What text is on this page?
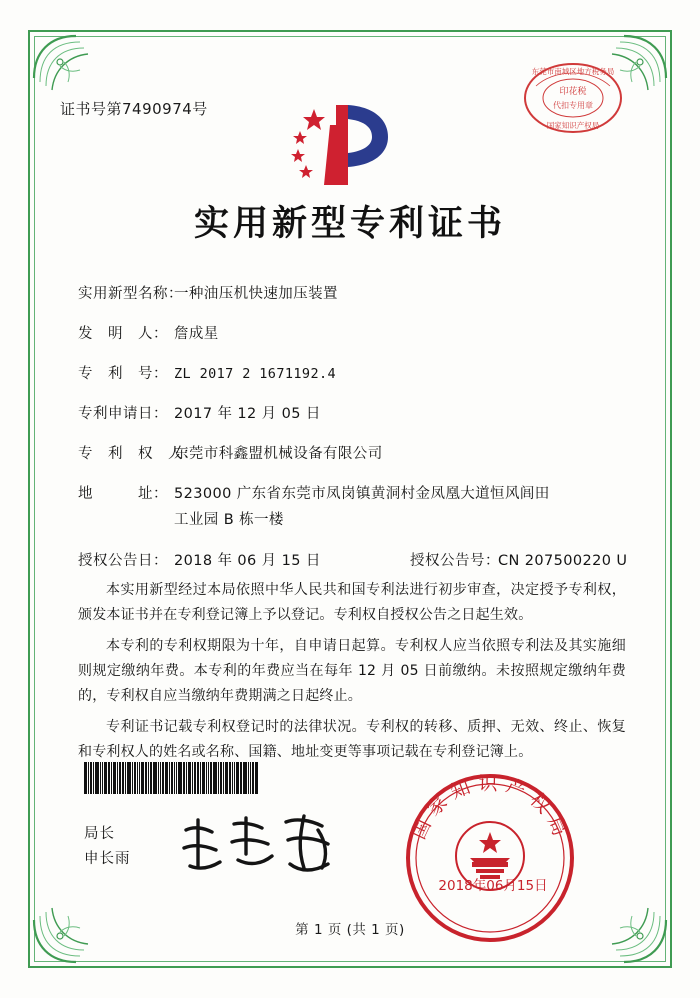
证书号第7490974号
印花税
代扣专用章
东莞市南城区地方税务局
国家知识产权局
实用新型专利证书
实用新型名称：
一种油压机快速加压装置
发　明　人： 詹成星
专　利　号： ZL 2017 2 1671192.4
专利申请日： 2017 年 12 月 05 日
专　利　权　人：
东莞市科鑫盟机械设备有限公司
地　　　址： 523000 广东省东莞市凤岗镇黄洞村金凤凰大道恒风闾田
工业园 B 栋一楼
授权公告日： 2018 年 06 月 15 日	授权公告号：
CN 207500220 U

本实用新型经过本局依照中华人民共和国专利法进行初步审查，决定授予专利权，颁发本证书并在专利登记簿上予以登记。专利权自授权公告之日起生效。

本专利的专利权期限为十年，自申请日起算。专利权人应当依照专利法及其实施细则规定缴纳年费。本专利的年费应当在每年 12 月 05 日前缴纳。未按照规定缴纳年费的，专利权自应当缴纳年费期满之日起终止。

专利证书记载专利权登记时的法律状况。专利权的转移、质押、无效、终止、恢复和专利权人的姓名或名称、国籍、地址变更等事项记载在专利登记簿上。

局长
申长雨
国家知识产权局
2018年06月15日
第 1 页 (共 1 页)
